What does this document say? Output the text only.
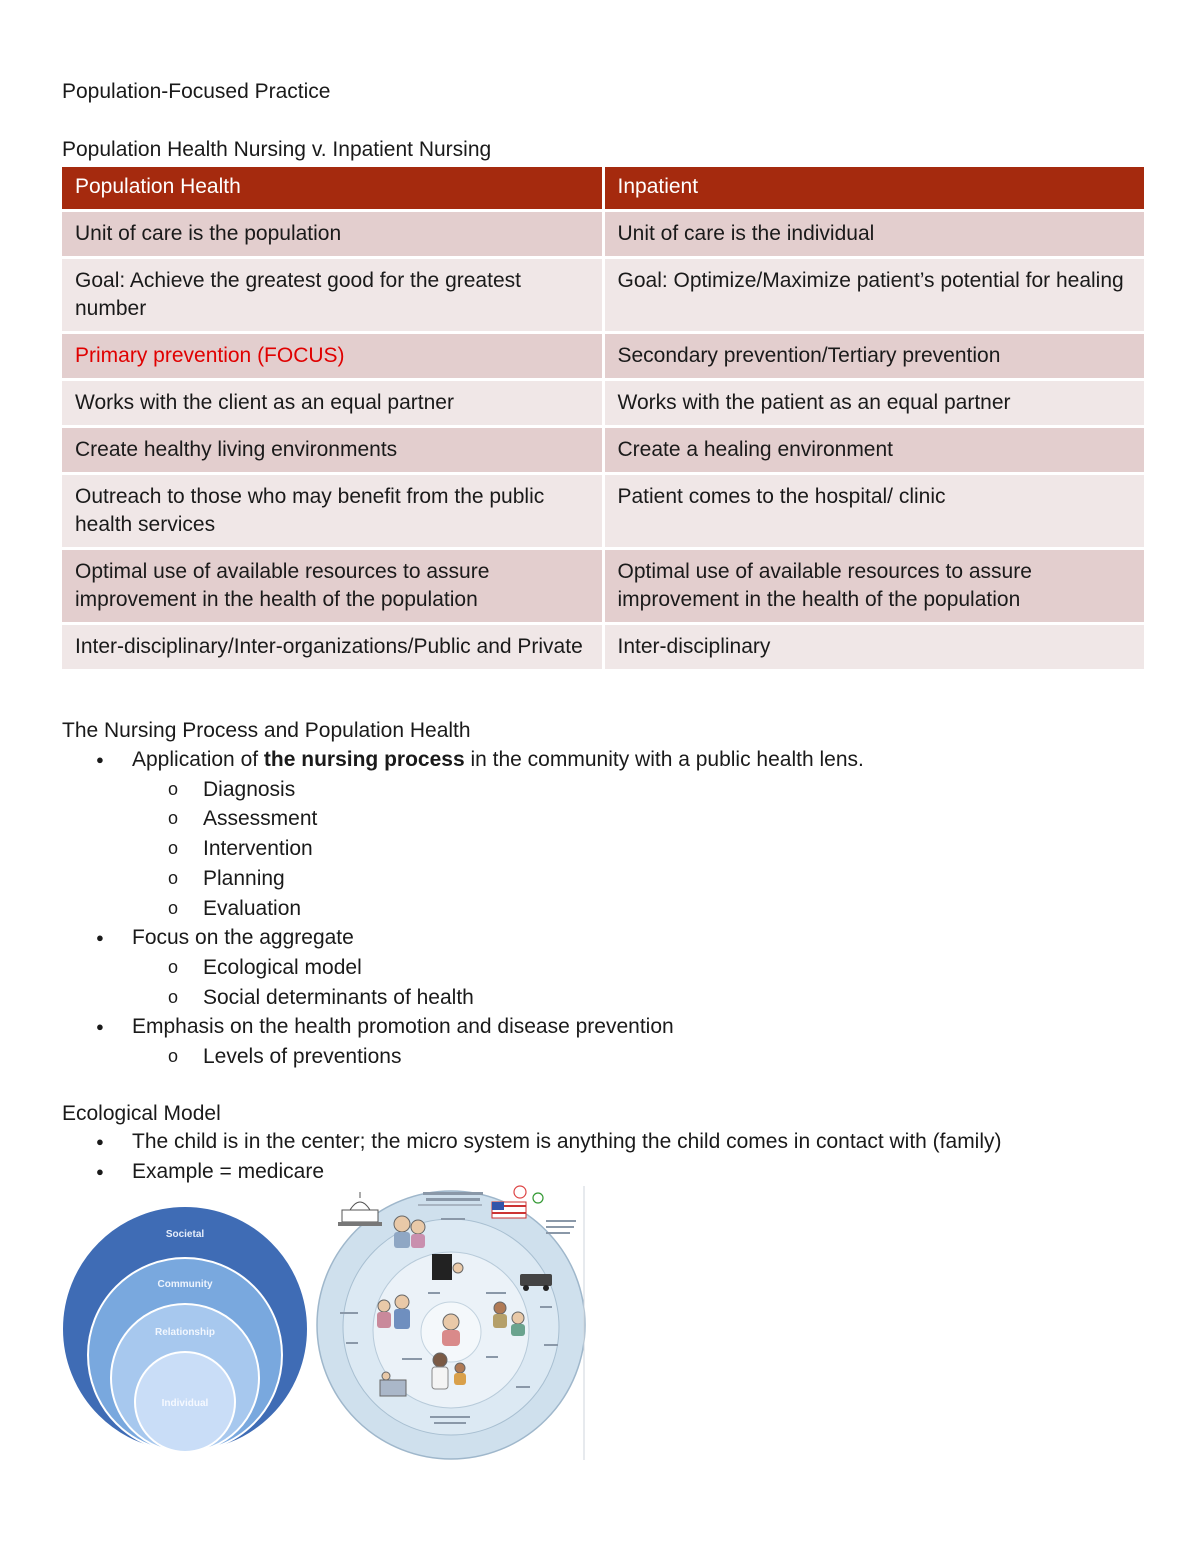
Population-Focused Practice

Population Health Nursing v. Inpatient Nursing

Population Health	Inpatient
Unit of care is the population	Unit of care is the individual
Goal: Achieve the greatest good for the greatest number	Goal: Optimize/Maximize patient’s potential for healing
Primary prevention (FOCUS)	Secondary prevention/Tertiary prevention
Works with the client as an equal partner	Works with the patient as an equal partner
Create healthy living environments	Create a healing environment
Outreach to those who may benefit from the public health services	Patient comes to the hospital/ clinic
Optimal use of available resources to assure improvement in the health of the population	Optimal use of available resources to assure improvement in the health of the population
Inter-disciplinary/Inter-organizations/Public and Private	Inter-disciplinary

The Nursing Process and Population Health

● Application of the nursing process in the community with a public health lens.
o Diagnosis
o Assessment
o Intervention
o Planning
o Evaluation
● Focus on the aggregate
o Ecological model
o Social determinants of health
● Emphasis on the health promotion and disease prevention
o Levels of preventions

Ecological Model

● The child is in the center; the micro system is anything the child comes in contact with (family)
● Example = medicare
Societal
Community
Relationship
Individual
